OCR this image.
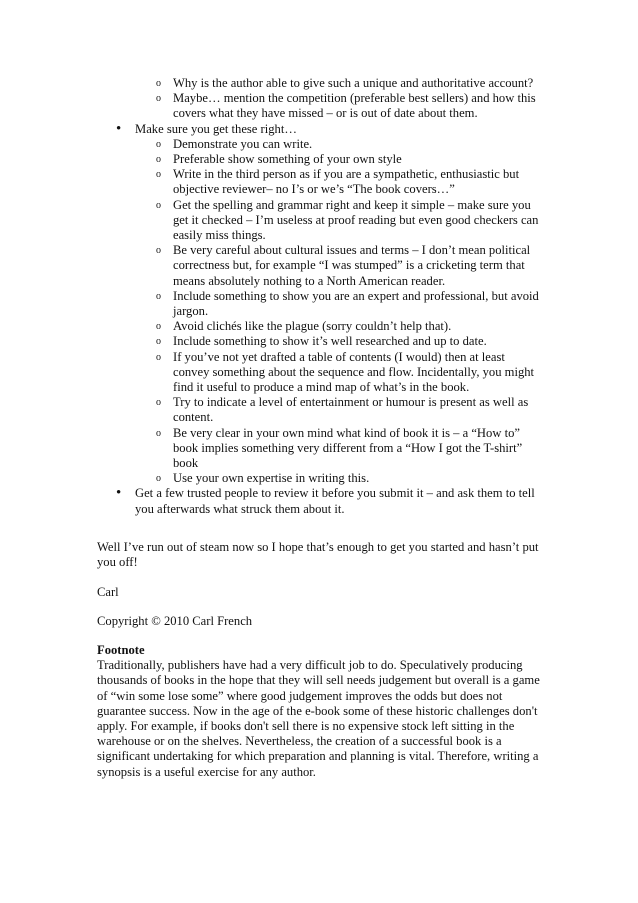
o Why is the author able to give such a unique and authoritative account?
o Maybe… mention the competition (preferable best sellers) and how this covers what they have missed – or is out of date about them.
• Make sure you get these right…
o Demonstrate you can write.
o Preferable show something of your own style
o Write in the third person as if you are a sympathetic, enthusiastic but objective reviewer– no I’s or we’s “The book covers…”
o Get the spelling and grammar right and keep it simple – make sure you get it checked – I’m useless at proof reading but even good checkers can easily miss things.
o Be very careful about cultural issues and terms – I don’t mean political correctness but, for example “I was stumped” is a cricketing term that means absolutely nothing to a North American reader.
o Include something to show you are an expert and professional, but avoid jargon.
o Avoid clichés like the plague (sorry couldn’t help that).
o Include something to show it’s well researched and up to date.
o If you’ve not yet drafted a table of contents (I would) then at least convey something about the sequence and flow. Incidentally, you might find it useful to produce a mind map of what’s in the book.
o Try to indicate a level of entertainment or humour is present as well as content.
o Be very clear in your own mind what kind of book it is – a “How to” book implies something very different from a “How I got the T-shirt” book
o Use your own expertise in writing this.
• Get a few trusted people to review it before you submit it – and ask them to tell you afterwards what struck them about it.

Well I’ve run out of steam now so I hope that’s enough to get you started and hasn’t put you off!

Carl

Copyright © 2010 Carl French

Footnote

Traditionally, publishers have had a very difficult job to do. Speculatively producing thousands of books in the hope that they will sell needs judgement but overall is a game of “win some lose some” where good judgement improves the odds but does not guarantee success. Now in the age of the e-book some of these historic challenges don't apply. For example, if books don't sell there is no expensive stock left sitting in the warehouse or on the shelves. Nevertheless, the creation of a successful book is a significant undertaking for which preparation and planning is vital. Therefore, writing a synopsis is a useful exercise for any author.
